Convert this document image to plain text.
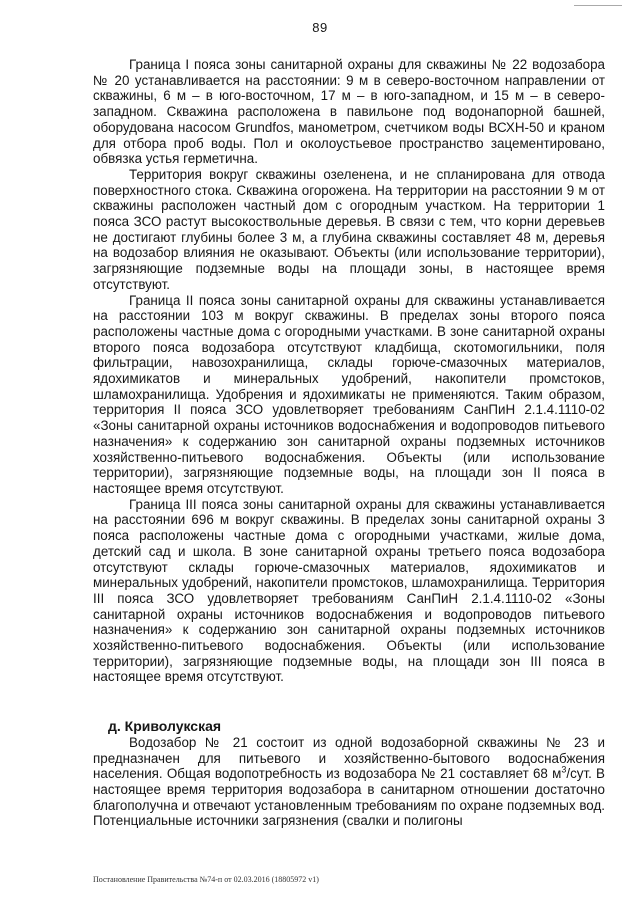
89

Граница I пояса зоны санитарной охраны для скважины № 22 водозабора № 20 устанавливается на расстоянии: 9 м в северо-восточном направлении от скважины, 6 м – в юго-восточном, 17 м – в юго-западном, и 15 м – в северо-западном. Скважина расположена в павильоне под водонапорной башней, оборудована насосом Grundfos, манометром, счетчиком воды ВСХН-50 и краном для отбора проб воды. Пол и околоустьевое пространство зацементировано, обвязка устья герметична.

Территория вокруг скважины озеленена, и не спланирована для отвода поверхностного стока. Скважина огорожена. На территории на расстоянии 9 м от скважины расположен частный дом с огородным участком. На территории 1 пояса ЗСО растут высокоствольные деревья. В связи с тем, что корни деревьев не достигают глубины более 3 м, а глубина скважины составляет 48 м, деревья на водозабор влияния не оказывают. Объекты (или использование территории), загрязняющие подземные воды на площади зоны, в настоящее время отсутствуют.

Граница II пояса зоны санитарной охраны для скважины устанавливается на расстоянии 103 м вокруг скважины. В пределах зоны второго пояса расположены частные дома с огородными участками. В зоне санитарной охраны второго пояса водозабора отсутствуют кладбища, скотомогильники, поля фильтрации, навозохранилища, склады горюче-смазочных материалов, ядохимикатов и минеральных удобрений, накопители промстоков, шламохранилища. Удобрения и ядохимикаты не применяются. Таким образом, территория II пояса ЗСО удовлетворяет требованиям СанПиН 2.1.4.1110-02 «Зоны санитарной охраны источников водоснабжения и водопроводов питьевого назначения» к содержанию зон санитарной охраны подземных источников хозяйственно-питьевого водоснабжения. Объекты (или использование территории), загрязняющие подземные воды, на площади зон II пояса в настоящее время отсутствуют.

Граница III пояса зоны санитарной охраны для скважины устанавливается на расстоянии 696 м вокруг скважины. В пределах зоны санитарной охраны 3 пояса расположены частные дома с огородными участками, жилые дома, детский сад и школа. В зоне санитарной охраны третьего пояса водозабора отсутствуют склады горюче-смазочных материалов, ядохимикатов и минеральных удобрений, накопители промстоков, шламохранилища. Территория III пояса ЗСО удовлетворяет требованиям СанПиН 2.1.4.1110-02 «Зоны санитарной охраны источников водоснабжения и водопроводов питьевого назначения» к содержанию зон санитарной охраны подземных источников хозяйственно-питьевого водоснабжения. Объекты (или использование территории), загрязняющие подземные воды, на площади зон III пояса в настоящее время отсутствуют.

д. Криволукская

Водозабор № 21 состоит из одной водозаборной скважины № 23 и предназначен для питьевого и хозяйственно-бытового водоснабжения населения. Общая водопотребность из водозабора № 21 составляет 68 $м^3$/сут. В настоящее время территория водозабора в санитарном отношении достаточно благополучна и отвечают установленным требованиям по охране подземных вод. Потенциальные источники загрязнения (свалки и полигоны

Постановление Правительства №74-п от 02.03.2016 (18805972 v1)
